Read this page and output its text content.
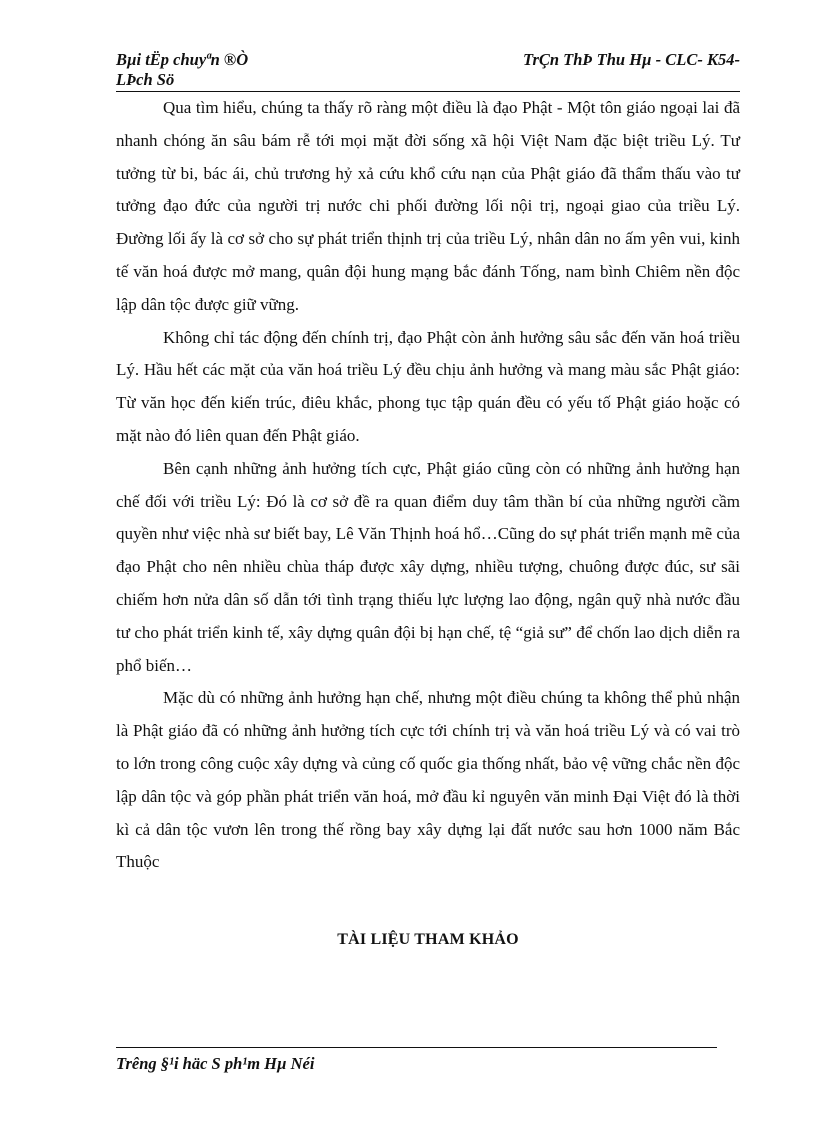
Bµi tËp chuyªn ®Ò	TrÇn ThÞ Thu Hµ - CLC- K54-
LÞch Sö

Qua tìm hiểu, chúng ta thấy rõ ràng một điều là đạo Phật - Một tôn giáo ngoại lai đã nhanh chóng ăn sâu bám rễ tới mọi mặt đời sống xã hội Việt Nam đặc biệt triều Lý. Tư tưởng từ bi, bác ái, chủ trương hỷ xả cứu khổ cứu nạn của Phật giáo đã thẩm thấu vào tư tưởng đạo đức của người trị nước chi phối đường lối nội trị, ngoại giao của triều Lý. Đường lối ấy là cơ sở cho sự phát triển thịnh trị của triều Lý, nhân dân no ấm yên vui, kinh tế văn hoá được mở mang, quân đội hung mạng bắc đánh Tống, nam bình Chiêm nền độc lập dân tộc được giữ vững.

Không chỉ tác động đến chính trị, đạo Phật còn ảnh hưởng sâu sắc đến văn hoá triều Lý. Hầu hết các mặt của văn hoá triều Lý đều chịu ảnh hưởng và mang màu sắc Phật giáo: Từ văn học đến kiến trúc, điêu khắc, phong tục tập quán đều có yếu tố Phật giáo hoặc có mặt nào đó liên quan đến Phật giáo.

Bên cạnh những ảnh hưởng tích cực, Phật giáo cũng còn có những ảnh hưởng hạn chế đối với triều Lý: Đó là cơ sở đề ra quan điểm duy tâm thần bí của những người cầm quyền như việc nhà sư biết bay, Lê Văn Thịnh hoá hổ…Cũng do sự phát triển mạnh mẽ của đạo Phật cho nên nhiều chùa tháp được xây dựng, nhiều tượng, chuông được đúc, sư sãi chiếm hơn nửa dân số dẫn tới tình trạng thiếu lực lượng lao động, ngân quỹ nhà nước đầu tư cho phát triển kinh tế, xây dựng quân đội bị hạn chế, tệ “giả sư” để chốn lao dịch diễn ra phổ biến…

Mặc dù có những ảnh hưởng hạn chế, nhưng một điều chúng ta không thể phủ nhận là Phật giáo đã có những ảnh hưởng tích cực tới chính trị và văn hoá triều Lý và có vai trò to lớn trong công cuộc xây dựng và củng cố quốc gia thống nhất, bảo vệ vững chắc nền độc lập dân tộc và góp phần phát triển văn hoá, mở đầu kỉ nguyên văn minh Đại Việt đó là thời kì cả dân tộc vươn lên trong thế rồng bay xây dựng lại đất nước sau hơn 1000 năm Bắc Thuộc

TÀI LIỆU THAM KHẢO
Trêng §¹i häc S ph¹m Hµ Néi
